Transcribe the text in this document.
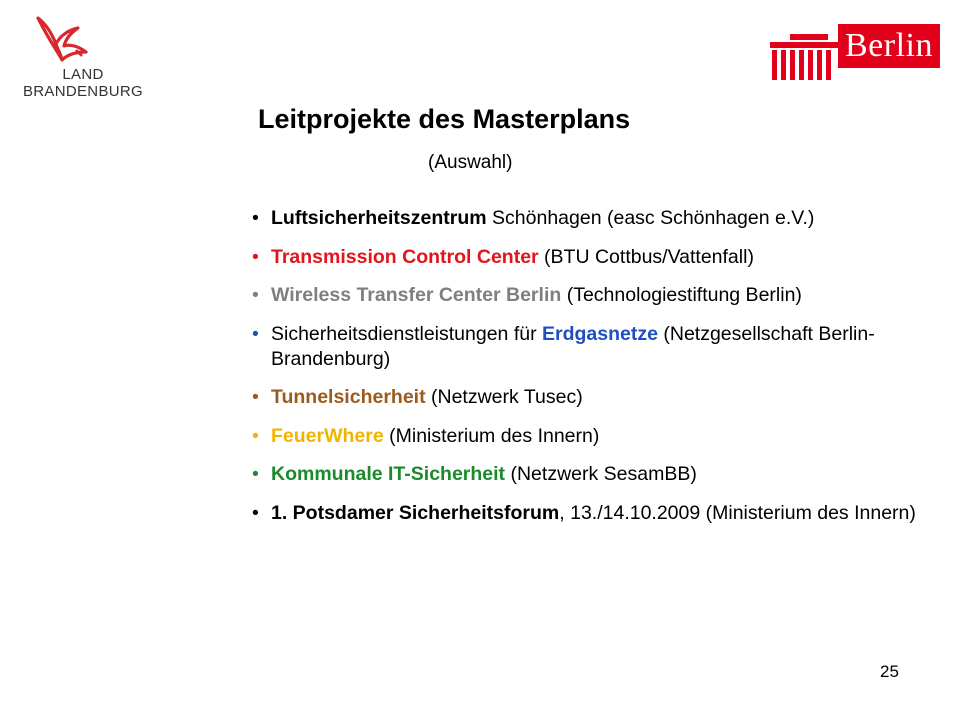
LAND
BRANDENBURG
Berlin
Leitprojekte des Masterplans
(Auswahl)
• Luftsicherheitszentrum Schönhagen (easc Schönhagen e.V.)
• Transmission Control Center (BTU Cottbus/Vattenfall)
• Wireless Transfer Center Berlin (Technologiestiftung Berlin)
• Sicherheitsdienstleistungen für Erdgasnetze (Netzgesellschaft Berlin-Brandenburg)
• Tunnelsicherheit (Netzwerk Tusec)
• FeuerWhere (Ministerium des Innern)
• Kommunale IT-Sicherheit (Netzwerk SesamBB)
• 1. Potsdamer Sicherheitsforum, 13./14.10.2009 (Ministerium des Innern)
25
